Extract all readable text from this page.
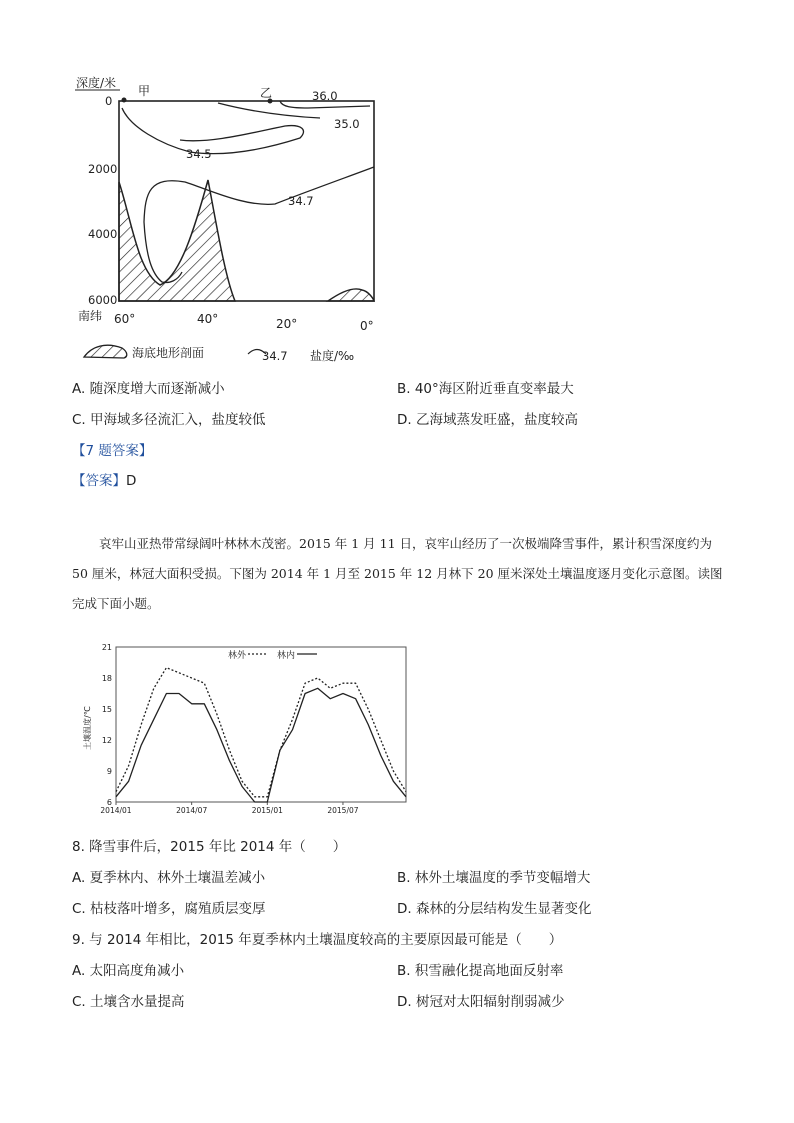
深度/米
甲	乙
0
2000
4000
6000
南纬 60°	40°	20°	0°
36.0
35.0
34.5
34.7
海底地形剖面	34.7 盐度/‰
A. 随深度增大而逐渐减小	B. 40°海区附近垂直变率最大
C. 甲海域多径流汇入，盐度较低	D. 乙海域蒸发旺盛，盐度较高
【7 题答案】
【答案】D
哀牢山亚热带常绿阔叶林林木茂密。2015 年 1 月 11 日，哀牢山经历了一次极端降雪事件，累计积雪深度约为 50 厘米，林冠大面积受损。下图为 2014 年 1 月至 2015 年 12 月林下 20 厘米深处土壤温度逐月变化示意图。读图完成下面小题。
土壤温度/℃
林外	林内
6
9
12
15
18
21
2014/01	2014/07	2015/01	2015/07
8. 降雪事件后，2015 年比 2014 年（　　）
A. 夏季林内、林外土壤温差减小	B. 林外土壤温度的季节变幅增大
C. 枯枝落叶增多，腐殖质层变厚	D. 森林的分层结构发生显著变化
9. 与 2014 年相比，2015 年夏季林内土壤温度较高的主要原因最可能是（　　）
A. 太阳高度角减小	B. 积雪融化提高地面反射率
C. 土壤含水量提高	D. 树冠对太阳辐射削弱减少
